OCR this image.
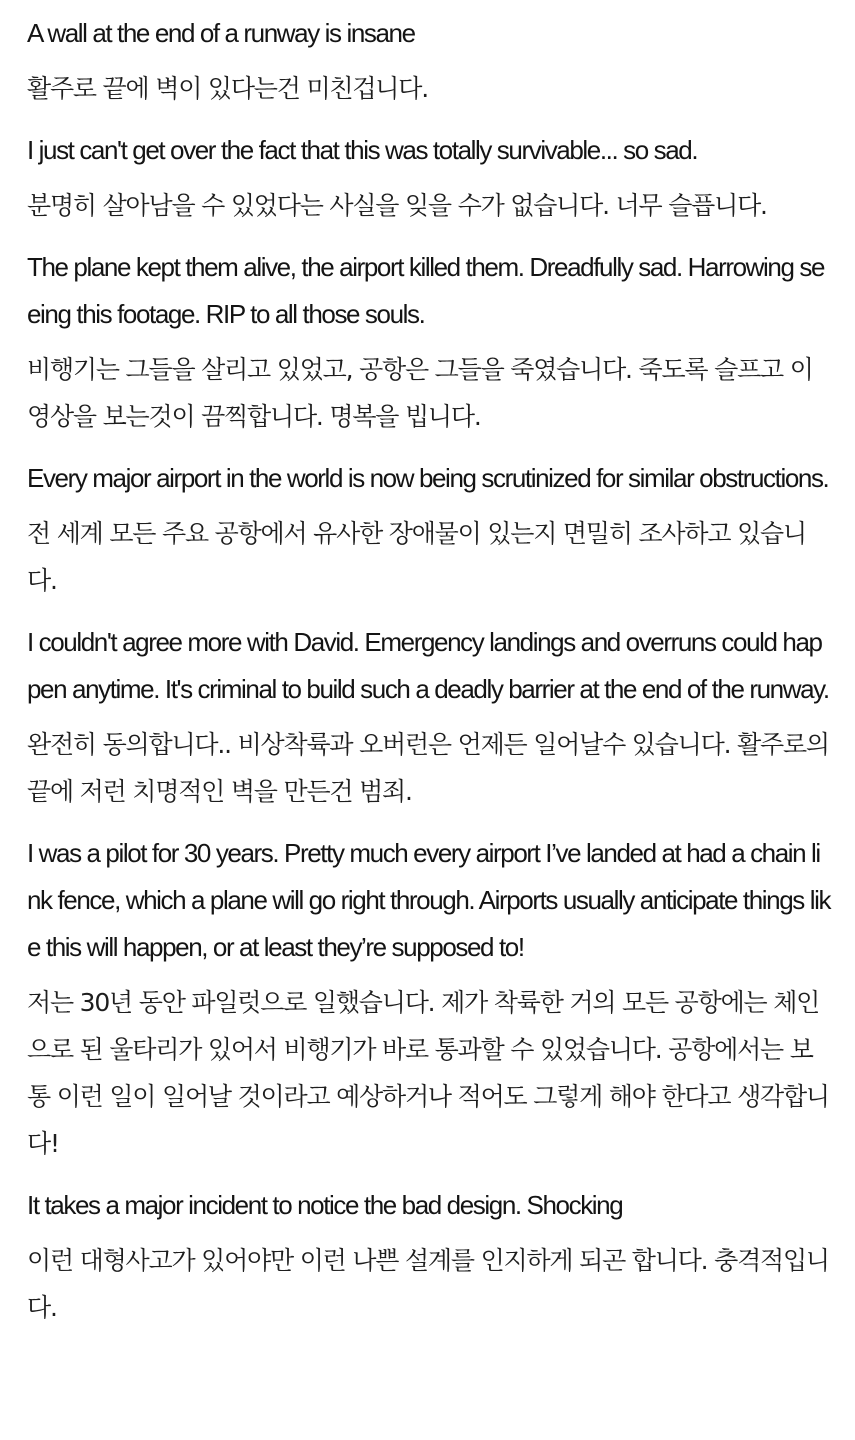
A wall at the end of a runway is insane

활주로 끝에 벽이 있다는건 미친겁니다.

I just can't get over the fact that this was totally survivable... so sad.

분명히 살아남을 수 있었다는 사실을 잊을 수가 없습니다. 너무 슬픕니다.

The plane kept them alive, the airport killed them. Dreadfully sad. Harrowing seeing this footage. RIP to all those souls.

비행기는 그들을 살리고 있었고, 공항은 그들을 죽였습니다. 죽도록 슬프고 이 영상을 보는것이 끔찍합니다. 명복을 빕니다.

Every major airport in the world is now being scrutinized for similar obstructions.

전 세계 모든 주요 공항에서 유사한 장애물이 있는지 면밀히 조사하고 있습니다.

I couldn't agree more with David. Emergency landings and overruns could happen anytime. It's criminal to build such a deadly barrier at the end of the runway.

완전히 동의합니다.. 비상착륙과 오버런은 언제든 일어날수 있습니다. 활주로의 끝에 저런 치명적인 벽을 만든건 범죄.

I was a pilot for 30 years. Pretty much every airport I’ve landed at had a chain link fence, which a plane will go right through. Airports usually anticipate things like this will happen, or at least they’re supposed to!

저는 30년 동안 파일럿으로 일했습니다. 제가 착륙한 거의 모든 공항에는 체인으로 된 울타리가 있어서 비행기가 바로 통과할 수 있었습니다. 공항에서는 보통 이런 일이 일어날 것이라고 예상하거나 적어도 그렇게 해야 한다고 생각합니다!

It takes a major incident to notice the bad design. Shocking

이런 대형사고가 있어야만 이런 나쁜 설계를 인지하게 되곤 합니다. 충격적입니다.
